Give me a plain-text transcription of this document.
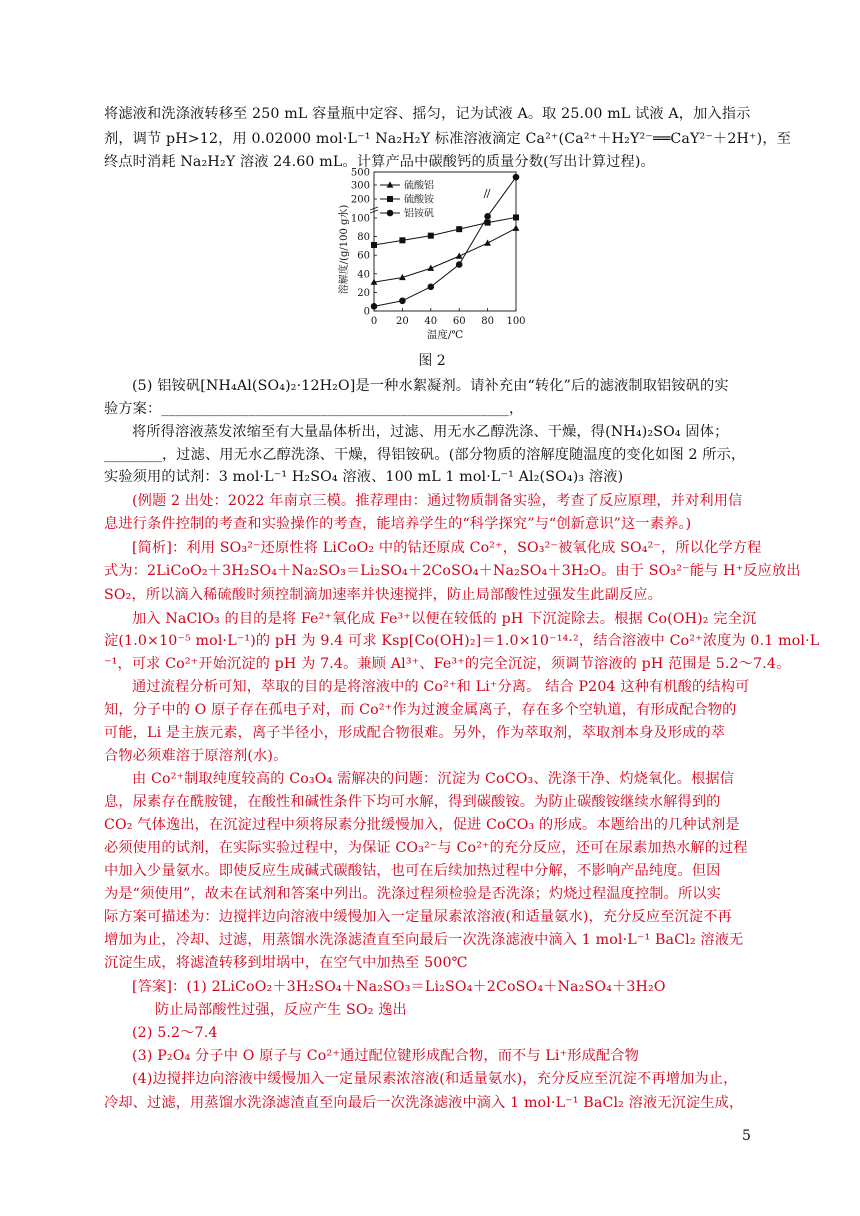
将滤液和洗涤液转移至 250 mL 容量瓶中定容、摇匀，记为试液 A。取 25.00 mL 试液 A，加入指示
剂，调节 pH>12，用 0.02000 mol·L⁻¹ Na₂H₂Y 标准溶液滴定 Ca²⁺(Ca²⁺＋H₂Y²⁻══CaY²⁻＋2H⁺)，至
终点时消耗 Na₂H₂Y 溶液 24.60 mL。计算产品中碳酸钙的质量分数(写出计算过程)。
0
20
40
60
80
100
200
300
500
0 20 40 60 80 100
温度/℃
溶解度/(g/100 g水)
硫酸铝
硫酸铵
铝铵矾
图 2
(5) 铝铵矾[NH₄Al(SO₄)₂·12H₂O]是一种水絮凝剂。请补充由“转化”后的滤液制取铝铵矾的实
验方案：________________________________________________，
将所得溶液蒸发浓缩至有大量晶体析出，过滤、用无水乙醇洗涤、干燥，得(NH₄)₂SO₄ 固体；
________，过滤、用无水乙醇洗涤、干燥，得铝铵矾。(部分物质的溶解度随温度的变化如图 2 所示，
实验须用的试剂：3 mol·L⁻¹ H₂SO₄ 溶液、100 mL 1 mol·L⁻¹ Al₂(SO₄)₃ 溶液)
(例题 2 出处：2022 年南京三模。推荐理由：通过物质制备实验，考查了反应原理，并对利用信
息进行条件控制的考查和实验操作的考查，能培养学生的“科学探究”与“创新意识”这一素养。)
[简析]：利用 SO₃²⁻还原性将 LiCoO₂ 中的钴还原成 Co²⁺，SO₃²⁻被氧化成 SO₄²⁻，所以化学方程
式为：2LiCoO₂＋3H₂SO₄＋Na₂SO₃＝Li₂SO₄＋2CoSO₄＋Na₂SO₄＋3H₂O。由于 SO₃²⁻能与 H⁺反应放出
SO₂，所以滴入稀硫酸时须控制滴加速率并快速搅拌，防止局部酸性过强发生此副反应。
加入 NaClO₃ 的目的是将 Fe²⁺氧化成 Fe³⁺以便在较低的 pH 下沉淀除去。根据 Co(OH)₂ 完全沉
淀(1.0×10⁻⁵ mol·L⁻¹)的 pH 为 9.4 可求 Ksp[Co(OH)₂]＝1.0×10⁻¹⁴·²，结合溶液中 Co²⁺浓度为 0.1 mol·L
⁻¹，可求 Co²⁺开始沉淀的 pH 为 7.4。兼顾 Al³⁺、Fe³⁺的完全沉淀，须调节溶液的 pH 范围是 5.2～7.4。
通过流程分析可知，萃取的目的是将溶液中的 Co²⁺和 Li⁺分离。 结合 P204 这种有机酸的结构可
知，分子中的 O 原子存在孤电子对，而 Co²⁺作为过渡金属离子，存在多个空轨道，有形成配合物的
可能，Li 是主族元素，离子半径小，形成配合物很难。另外，作为萃取剂，萃取剂本身及形成的萃
合物必须难溶于原溶剂(水)。
由 Co²⁺制取纯度较高的 Co₃O₄ 需解决的问题：沉淀为 CoCO₃、洗涤干净、灼烧氧化。根据信
息，尿素存在酰胺键，在酸性和碱性条件下均可水解，得到碳酸铵。为防止碳酸铵继续水解得到的
CO₂ 气体逸出，在沉淀过程中须将尿素分批缓慢加入，促进 CoCO₃ 的形成。本题给出的几种试剂是
必须使用的试剂，在实际实验过程中，为保证 CO₃²⁻与 Co²⁺的充分反应，还可在尿素加热水解的过程
中加入少量氨水。即使反应生成碱式碳酸钴，也可在后续加热过程中分解，不影响产品纯度。但因
为是“须使用”，故未在试剂和答案中列出。洗涤过程须检验是否洗涤；灼烧过程温度控制。所以实
际方案可描述为：边搅拌边向溶液中缓慢加入一定量尿素浓溶液(和适量氨水)，充分反应至沉淀不再
增加为止，冷却、过滤，用蒸馏水洗涤滤渣直至向最后一次洗涤滤液中滴入 1 mol·L⁻¹ BaCl₂ 溶液无
沉淀生成，将滤渣转移到坩埚中，在空气中加热至 500℃
[答案]：(1) 2LiCoO₂＋3H₂SO₄＋Na₂SO₃＝Li₂SO₄＋2CoSO₄＋Na₂SO₄＋3H₂O
防止局部酸性过强，反应产生 SO₂ 逸出
(2) 5.2～7.4
(3) P₂O₄ 分子中 O 原子与 Co²⁺通过配位键形成配合物，而不与 Li⁺形成配合物
(4)边搅拌边向溶液中缓慢加入一定量尿素浓溶液(和适量氨水)，充分反应至沉淀不再增加为止，
冷却、过滤，用蒸馏水洗涤滤渣直至向最后一次洗涤滤液中滴入 1 mol·L⁻¹ BaCl₂ 溶液无沉淀生成，
5
